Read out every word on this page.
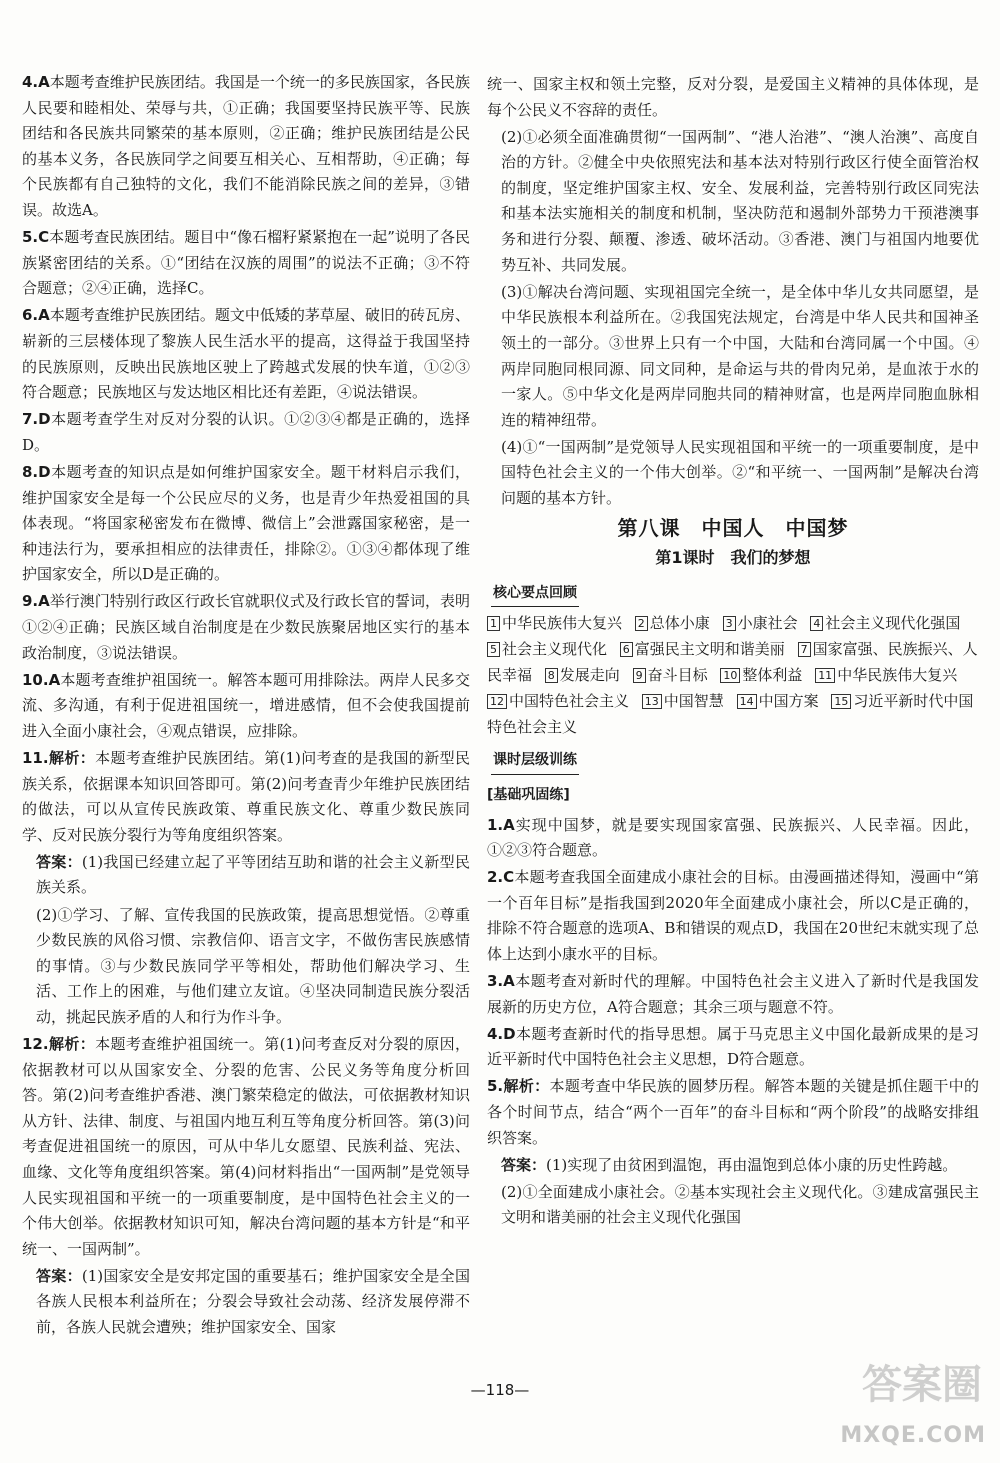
4.A本题考查维护民族团结。我国是一个统一的多民族国家，各民族人民要和睦相处、荣辱与共，①正确；我国要坚持民族平等、民族团结和各民族共同繁荣的基本原则，②正确；维护民族团结是公民的基本义务，各民族同学之间要互相关心、互相帮助，④正确；每个民族都有自己独特的文化，我们不能消除民族之间的差异，③错误。故选A。

5.C本题考查民族团结。题目中“像石榴籽紧紧抱在一起”说明了各民族紧密团结的关系。①“团结在汉族的周围”的说法不正确；③不符合题意；②④正确，选择C。

6.A本题考查维护民族团结。题文中低矮的茅草屋、破旧的砖瓦房、崭新的三层楼体现了黎族人民生活水平的提高，这得益于我国坚持的民族原则，反映出民族地区驶上了跨越式发展的快车道，①②③符合题意；民族地区与发达地区相比还有差距，④说法错误。

7.D本题考查学生对反对分裂的认识。①②③④都是正确的，选择D。

8.D本题考查的知识点是如何维护国家安全。题干材料启示我们，维护国家安全是每一个公民应尽的义务，也是青少年热爱祖国的具体表现。“将国家秘密发布在微博、微信上”会泄露国家秘密，是一种违法行为，要承担相应的法律责任，排除②。①③④都体现了维护国家安全，所以D是正确的。

9.A举行澳门特别行政区行政长官就职仪式及行政长官的誓词，表明①②④正确；民族区域自治制度是在少数民族聚居地区实行的基本政治制度，③说法错误。

10.A本题考查维护祖国统一。解答本题可用排除法。两岸人民多交流、多沟通，有利于促进祖国统一，增进感情，但不会使我国提前进入全面小康社会，④观点错误，应排除。

11.解析：本题考查维护民族团结。第(1)问考查的是我国的新型民族关系，依据课本知识回答即可。第(2)问考查青少年维护民族团结的做法，可以从宣传民族政策、尊重民族文化、尊重少数民族同学、反对民族分裂行为等角度组织答案。

答案：(1)我国已经建立起了平等团结互助和谐的社会主义新型民族关系。

(2)①学习、了解、宣传我国的民族政策，提高思想觉悟。②尊重少数民族的风俗习惯、宗教信仰、语言文字，不做伤害民族感情的事情。③与少数民族同学平等相处，帮助他们解决学习、生活、工作上的困难，与他们建立友谊。④坚决同制造民族分裂活动，挑起民族矛盾的人和行为作斗争。

12.解析：本题考查维护祖国统一。第(1)问考查反对分裂的原因，依据教材可以从国家安全、分裂的危害、公民义务等角度分析回答。第(2)问考查维护香港、澳门繁荣稳定的做法，可依据教材知识从方针、法律、制度、与祖国内地互利互等角度分析回答。第(3)问考查促进祖国统一的原因，可从中华儿女愿望、民族利益、宪法、血缘、文化等角度组织答案。第(4)问材料指出“一国两制”是党领导人民实现祖国和平统一的一项重要制度，是中国特色社会主义的一个伟大创举。依据教材知识可知，解决台湾问题的基本方针是“和平统一、一国两制”。

答案：(1)国家安全是安邦定国的重要基石；维护国家安全是全国各族人民根本利益所在；分裂会导致社会动荡、经济发展停滞不前，各族人民就会遭殃；维护国家安全、国家

统一、国家主权和领土完整，反对分裂，是爱国主义精神的具体体现，是每个公民义不容辞的责任。

(2)①必须全面准确贯彻“一国两制”、“港人治港”、“澳人治澳”、高度自治的方针。②健全中央依照宪法和基本法对特别行政区行使全面管治权的制度，坚定维护国家主权、安全、发展利益，完善特别行政区同宪法和基本法实施相关的制度和机制，坚决防范和遏制外部势力干预港澳事务和进行分裂、颠覆、渗透、破坏活动。③香港、澳门与祖国内地要优势互补、共同发展。

(3)①解决台湾问题、实现祖国完全统一，是全体中华儿女共同愿望，是中华民族根本利益所在。②我国宪法规定，台湾是中华人民共和国神圣领土的一部分。③世界上只有一个中国，大陆和台湾同属一个中国。④两岸同胞同根同源、同文同种，是命运与共的骨肉兄弟，是血浓于水的一家人。⑤中华文化是两岸同胞共同的精神财富，也是两岸同胞血脉相连的精神纽带。

(4)①“一国两制”是党领导人民实现祖国和平统一的一项重要制度，是中国特色社会主义的一个伟大创举。②“和平统一、一国两制”是解决台湾问题的基本方针。

第八课　中国人　中国梦
第1课时　我们的梦想
核心要点回顾
1 中华民族伟大复兴 2 总体小康 3 小康社会 4 社会主义现代化强国 5 社会主义现代化 6 富强民主文明和谐美丽 7 国家富强、民族振兴、人民幸福 8 发展走向 9 奋斗目标 10 整体利益 11 中华民族伟大复兴 12 中国特色社会主义 13 中国智慧 14 中国方案 15 习近平新时代中国特色社会主义
课时层级训练
[基础巩固练]

1.A实现中国梦，就是要实现国家富强、民族振兴、人民幸福。因此，①②③符合题意。

2.C本题考查我国全面建成小康社会的目标。由漫画描述得知，漫画中“第一个百年目标”是指我国到2020年全面建成小康社会，所以C是正确的，排除不符合题意的选项A、B和错误的观点D，我国在20世纪末就实现了总体上达到小康水平的目标。

3.A本题考查对新时代的理解。中国特色社会主义进入了新时代是我国发展新的历史方位，A符合题意；其余三项与题意不符。

4.D本题考查新时代的指导思想。属于马克思主义中国化最新成果的是习近平新时代中国特色社会主义思想，D符合题意。

5.解析：本题考查中华民族的圆梦历程。解答本题的关键是抓住题干中的各个时间节点，结合“两个一百年”的奋斗目标和“两个阶段”的战略安排组织答案。

答案：(1)实现了由贫困到温饱，再由温饱到总体小康的历史性跨越。

(2)①全面建成小康社会。②基本实现社会主义现代化。③建成富强民主文明和谐美丽的社会主义现代化强国

—118—	答案圈
MXQE.COM
